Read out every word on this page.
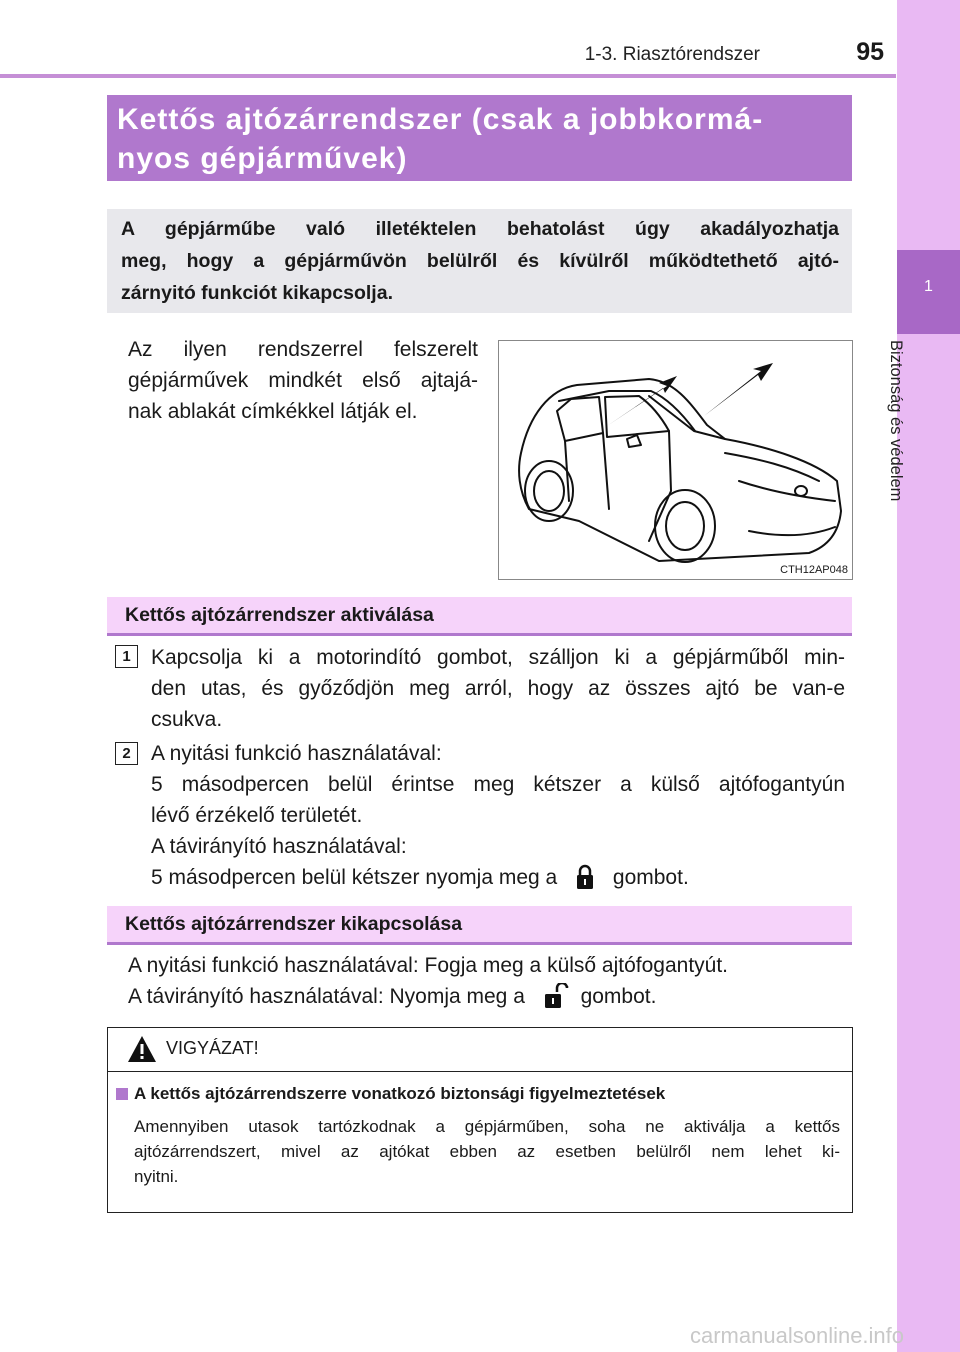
1-3. Riasztórendszer	95
1
Biztonság és védelem
Kettős ajtózárrendszer (csak a jobbkormá-
nyos gépjárművek)
A gépjárműbe való illetéktelen behatolást úgy akadályozhatja
meg, hogy a gépjárművön belülről és kívülről működtethető ajtó-
zárnyitó funkciót kikapcsolja.
Az ilyen rendszerrel felszerelt
gépjárművek mindkét első ajtajá-
nak ablakát címkékkel látják el.
CTH12AP048
Kettős ajtózárrendszer aktiválása
1 Kapcsolja ki a motorindító gombot, szálljon ki a gépjárműből min-
den utas, és győződjön meg arról, hogy az összes ajtó be van-e
csukva.
2 A nyitási funkció használatával:
5 másodpercen belül érintse meg kétszer a külső ajtófogantyún
lévő érzékelő területét.
A távirányító használatával:
5 másodpercen belül kétszer nyomja meg a	gombot.
Kettős ajtózárrendszer kikapcsolása
A nyitási funkció használatával: Fogja meg a külső ajtófogantyút.
A távirányító használatával: Nyomja meg a	gombot.
VIGYÁZAT!
A kettős ajtózárrendszerre vonatkozó biztonsági figyelmeztetések
Amennyiben utasok tartózkodnak a gépjárműben, soha ne aktiválja a kettős
ajtózárrendszert, mivel az ajtókat ebben az esetben belülről nem lehet ki-
nyitni.
carmanualsonline.info
